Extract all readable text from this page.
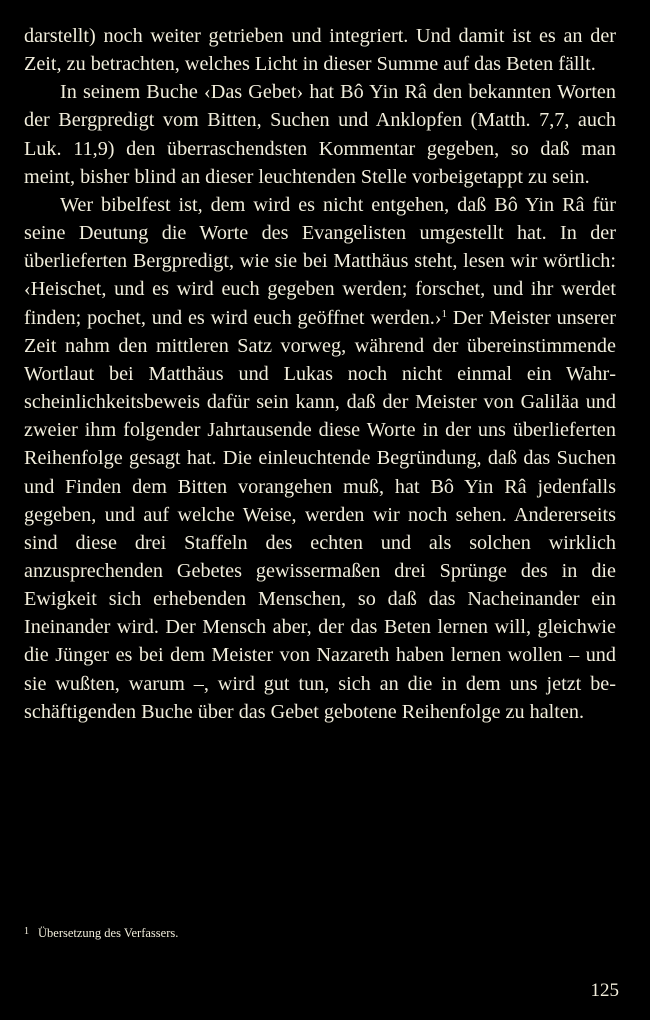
darstellt) noch weiter getrieben und integriert. Und damit ist es an der Zeit, zu betrachten, welches Licht in dieser Summe auf das Beten fällt.

In seinem Buche ‹Das Gebet› hat Bô Yin Râ den bekannten Worten der Bergpredigt vom Bitten, Suchen und Anklopfen (Matth. 7,7, auch Luk. 11,9) den überraschendsten Kommentar gegeben, so daß man meint, bisher blind an dieser leuchtenden Stelle vorbeigetappt zu sein.

Wer bibelfest ist, dem wird es nicht entgehen, daß Bô Yin Râ für seine Deutung die Worte des Evangelisten umgestellt hat. In der überlieferten Bergpredigt, wie sie bei Matthäus steht, lesen wir wörtlich: ‹Heischet, und es wird euch gegeben werden; forschet, und ihr werdet finden; pochet, und es wird euch geöffnet werden.›$^1$ Der Meister unserer Zeit nahm den mittleren Satz vorweg, während der übereinstimmende Wortlaut bei Matthäus und Lukas noch nicht einmal ein Wahrscheinlichkeitsbeweis dafür sein kann, daß der Meister von Galiläa und zweier ihm folgender Jahrtausende diese Worte in der uns überlieferten Reihenfolge gesagt hat. Die einleuchtende Begründung, daß das Suchen und Finden dem Bitten vorangehen muß, hat Bô Yin Râ jedenfalls gegeben, und auf welche Weise, werden wir noch sehen. Andererseits sind diese drei Staffeln des echten und als solchen wirklich anzusprechenden Gebetes gewissermaßen drei Sprünge des in die Ewigkeit sich erhebenden Menschen, so daß das Nacheinander ein Ineinander wird. Der Mensch aber, der das Beten lernen will, gleichwie die Jünger es bei dem Meister von Nazareth haben lernen wollen – und sie wußten, warum –, wird gut tun, sich an die in dem uns jetzt beschäftigenden Buche über das Gebet gebotene Reihenfolge zu halten.

1 Übersetzung des Verfassers.
125
